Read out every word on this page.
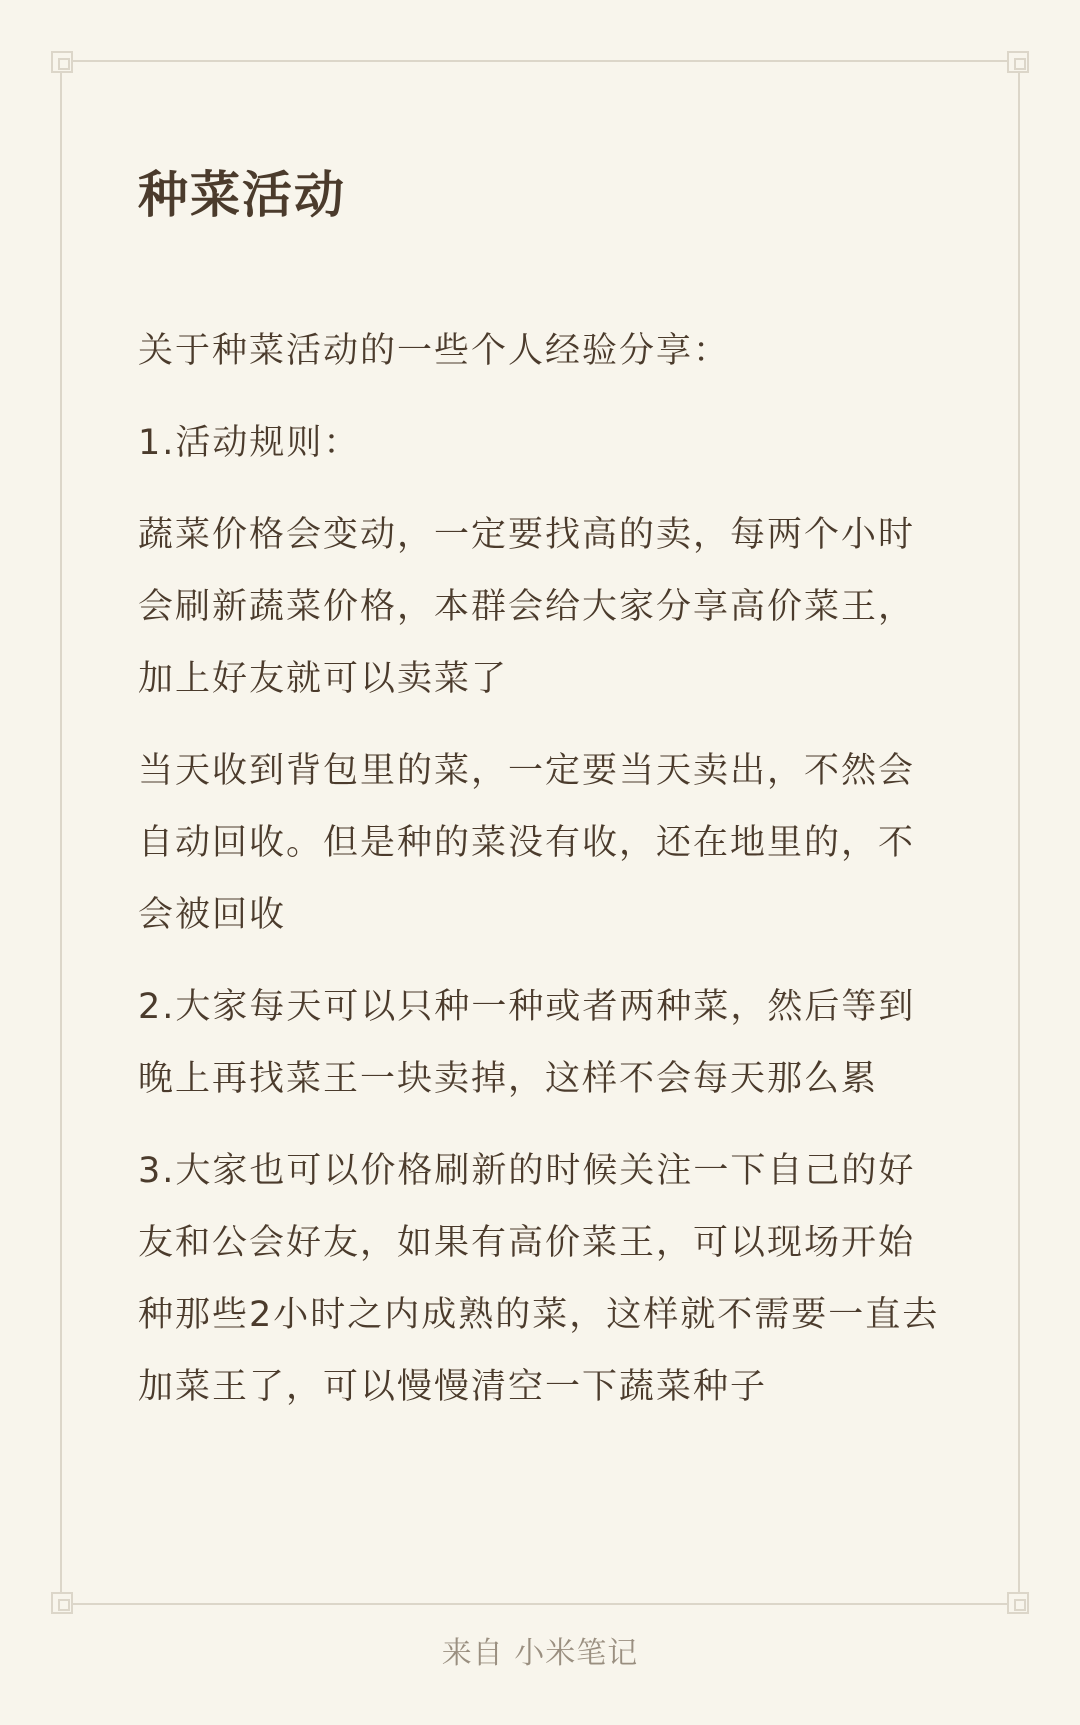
种菜活动

关于种菜活动的一些个人经验分享：

1.活动规则：

蔬菜价格会变动，一定要找高的卖，每两个小时会刷新蔬菜价格，本群会给大家分享高价菜王，加上好友就可以卖菜了

当天收到背包里的菜，一定要当天卖出，不然会自动回收。但是种的菜没有收，还在地里的，不会被回收

2.大家每天可以只种一种或者两种菜，然后等到晚上再找菜王一块卖掉，这样不会每天那么累

3.大家也可以价格刷新的时候关注一下自己的好友和公会好友，如果有高价菜王，可以现场开始种那些2小时之内成熟的菜，这样就不需要一直去加菜王了，可以慢慢清空一下蔬菜种子

来自 小米笔记
